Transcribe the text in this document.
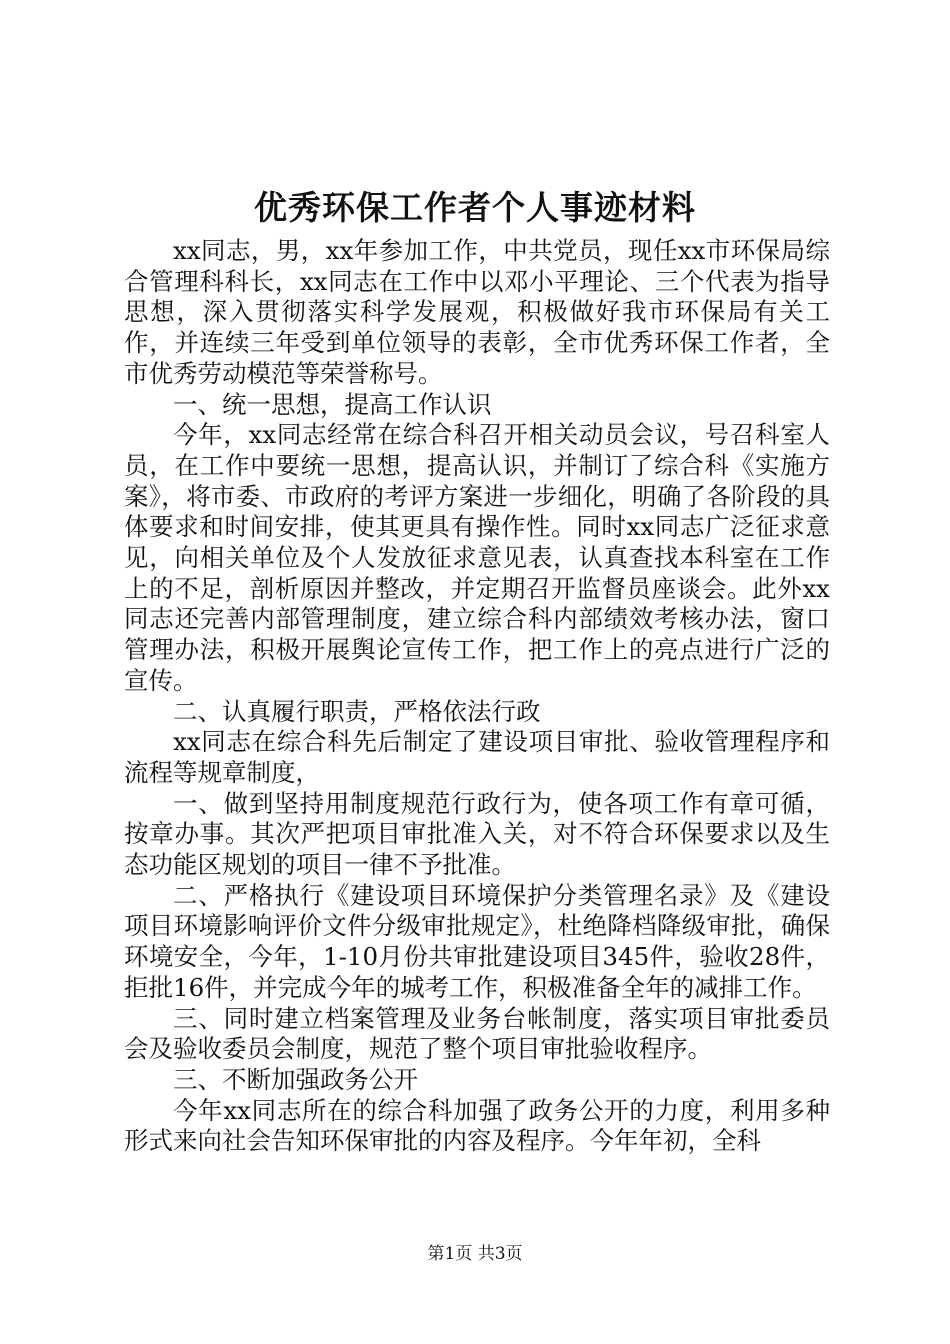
优秀环保工作者个人事迹材料

xx同志，男，xx年参加工作，中共党员，现任xx市环保局综合管理科科长，xx同志在工作中以邓小平理论、三个代表为指导思想，深入贯彻落实科学发展观，积极做好我市环保局有关工作，并连续三年受到单位领导的表彰，全市优秀环保工作者，全市优秀劳动模范等荣誉称号。

一、统一思想，提高工作认识

今年，xx同志经常在综合科召开相关动员会议，号召科室人员，在工作中要统一思想，提高认识，并制订了综合科《实施方案》，将市委、市政府的考评方案进一步细化，明确了各阶段的具体要求和时间安排，使其更具有操作性。同时xx同志广泛征求意见，向相关单位及个人发放征求意见表，认真查找本科室在工作上的不足，剖析原因并整改，并定期召开监督员座谈会。此外xx同志还完善内部管理制度，建立综合科内部绩效考核办法，窗口管理办法，积极开展舆论宣传工作，把工作上的亮点进行广泛的宣传。

二、认真履行职责，严格依法行政

xx同志在综合科先后制定了建设项目审批、验收管理程序和流程等规章制度，

一、做到坚持用制度规范行政行为，使各项工作有章可循，按章办事。其次严把项目审批准入关，对不符合环保要求以及生态功能区规划的项目一律不予批准。

二、严格执行《建设项目环境保护分类管理名录》及《建设项目环境影响评价文件分级审批规定》，杜绝降档降级审批，确保环境安全，今年，1-10月份共审批建设项目345件，验收28件，拒批16件，并完成今年的城考工作，积极准备全年的减排工作。

三、同时建立档案管理及业务台帐制度，落实项目审批委员会及验收委员会制度，规范了整个项目审批验收程序。

三、不断加强政务公开

今年xx同志所在的综合科加强了政务公开的力度，利用多种形式来向社会告知环保审批的内容及程序。今年年初，全科

第1页 共3页
